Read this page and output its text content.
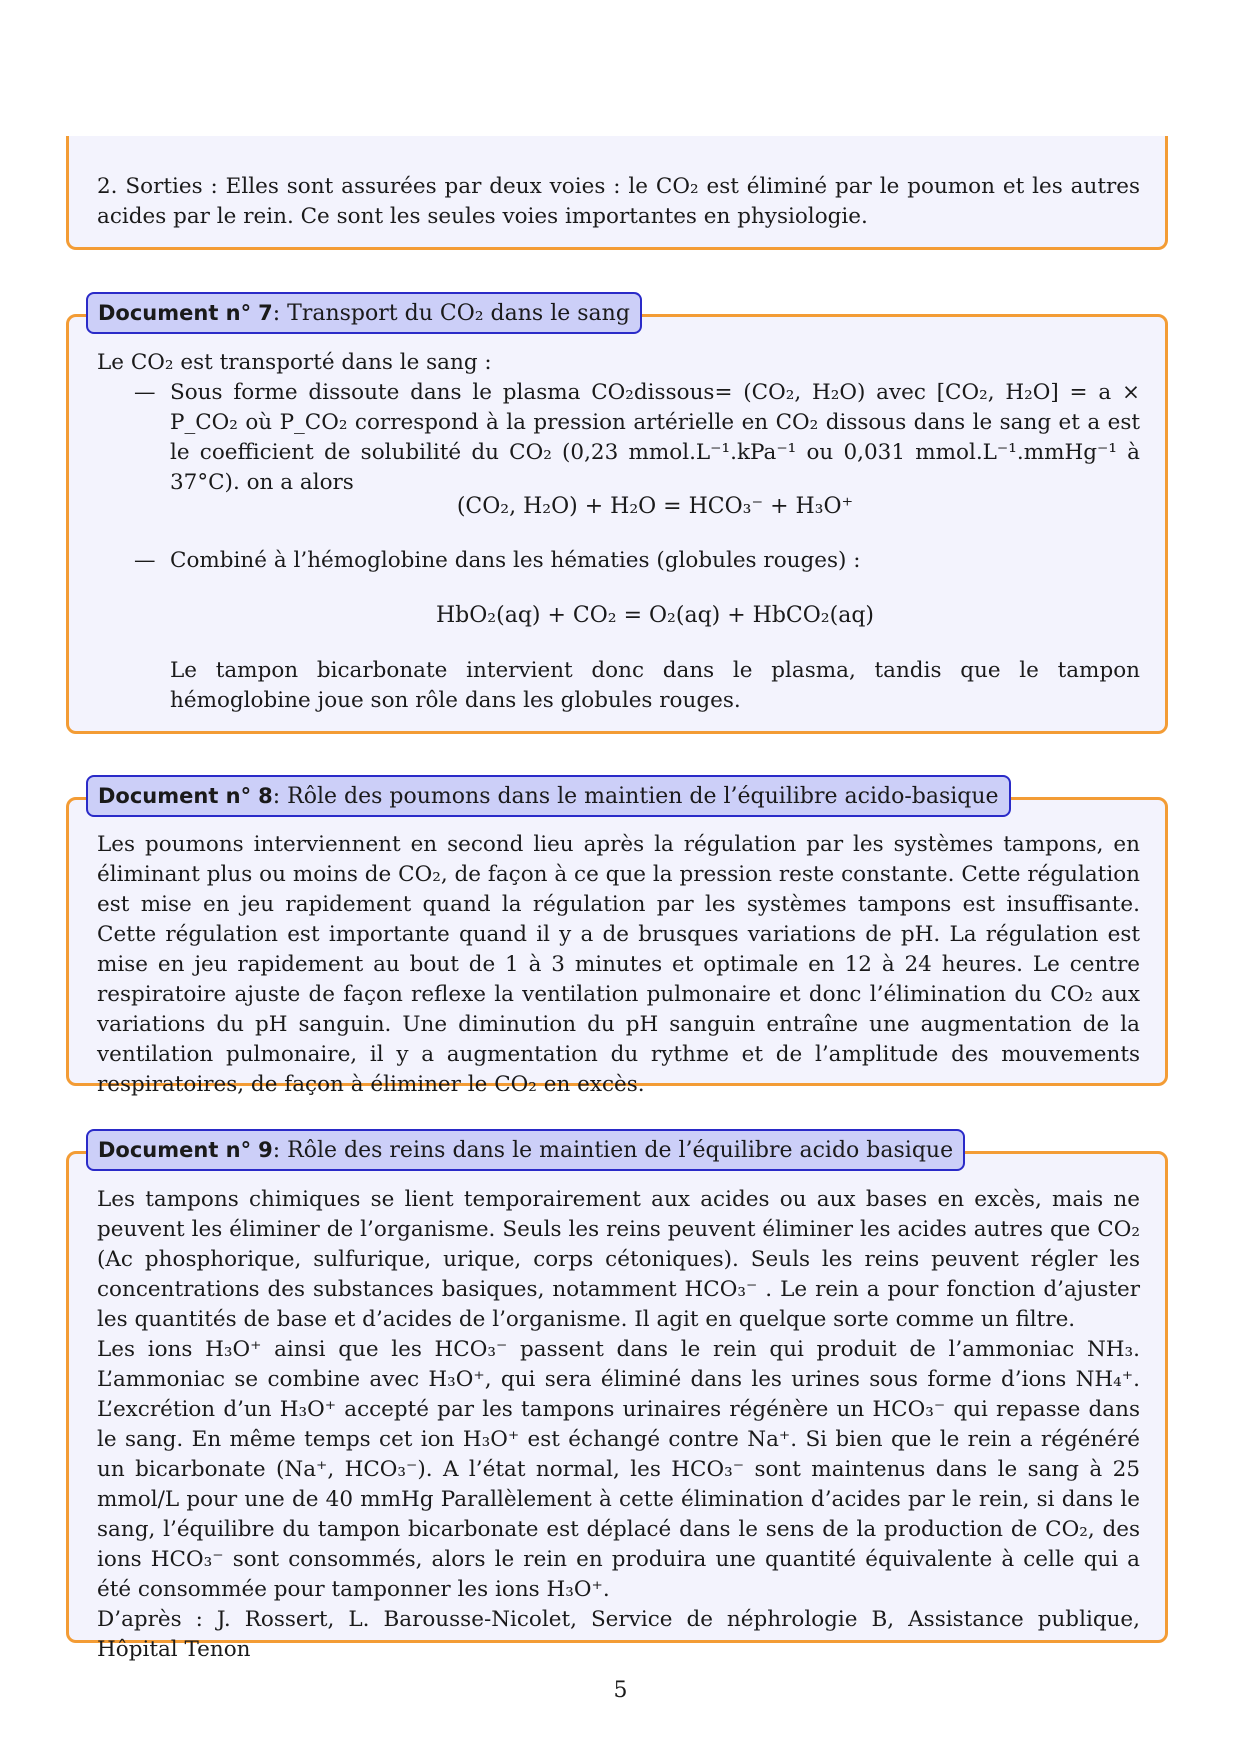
2. Sorties : Elles sont assurées par deux voies : le CO₂ est éliminé par le poumon et les autres acides par le rein. Ce sont les seules voies importantes en physiologie.
Document n°
7 : Transport du CO₂ dans le sang
Le CO₂ est transporté dans le sang :
— Sous forme dissoute dans le plasma CO₂dissous= (CO₂, H₂O) avec [CO₂, H₂O] = a × P_CO₂ où P_CO₂ correspond à la pression artérielle en CO₂ dissous dans le sang et a est le coefficient de solubilité du CO₂ (0,23 mmol.L⁻¹.kPa⁻¹ ou 0,031 mmol.L⁻¹.mmHg⁻¹ à 37°C). on a alors
(CO₂, H₂O) + H₂O = HCO₃⁻ + H₃O⁺
— Combiné à l’hémoglobine dans les hématies (globules rouges) :
HbO₂(aq) + CO₂ = O₂(aq) + HbCO₂(aq)
Le tampon bicarbonate intervient donc dans le plasma, tandis que le tampon hémoglobine joue son rôle dans les globules rouges.
Document n°
8 : Rôle des poumons dans le maintien de l’équilibre acido-basique
Les poumons interviennent en second lieu après la régulation par les systèmes tampons, en éliminant plus ou moins de CO₂, de façon à ce que la pression reste constante. Cette régulation est mise en jeu rapidement quand la régulation par les systèmes tampons est insuffisante. Cette régulation est importante quand il y a de brusques variations de pH. La régulation est mise en jeu rapidement au bout de 1 à 3 minutes et optimale en 12 à 24 heures. Le centre respiratoire ajuste de façon reflexe la ventilation pulmonaire et donc l’élimination du CO₂ aux variations du pH sanguin. Une diminution du pH sanguin entraîne une augmentation de la ventilation pulmonaire, il y a augmentation du rythme et de l’amplitude des mouvements respiratoires, de façon à éliminer le CO₂ en excès.
Document n°
9 : Rôle des reins dans le maintien de l’équilibre acido basique

Les tampons chimiques se lient temporairement aux acides ou aux bases en excès, mais ne peuvent les éliminer de l’organisme. Seuls les reins peuvent éliminer les acides autres que CO₂ (Ac phosphorique, sulfurique, urique, corps cétoniques). Seuls les reins peuvent régler les concentrations des substances basiques, notamment HCO₃⁻ . Le rein a pour fonction d’ajuster les quantités de base et d’acides de l’organisme. Il agit en quelque sorte comme un filtre.

Les ions H₃O⁺ ainsi que les HCO₃⁻ passent dans le rein qui produit de l’ammoniac NH₃. L’ammoniac se combine avec H₃O⁺, qui sera éliminé dans les urines sous forme d’ions NH₄⁺. L’excrétion d’un H₃O⁺ accepté par les tampons urinaires régénère un HCO₃⁻ qui repasse dans le sang. En même temps cet ion H₃O⁺ est échangé contre Na⁺. Si bien que le rein a régénéré un bicarbonate (Na⁺, HCO₃⁻). A l’état normal, les HCO₃⁻ sont maintenus dans le sang à 25 mmol/L pour une de 40 mmHg Parallèlement à cette élimination d’acides par le rein, si dans le sang, l’équilibre du tampon bicarbonate est déplacé dans le sens de la production de CO₂, des ions HCO₃⁻ sont consommés, alors le rein en produira une quantité équivalente à celle qui a été consommée pour tamponner les ions H₃O⁺.

D’après : J. Rossert, L. Barousse-Nicolet, Service de néphrologie B, Assistance publique, Hôpital Tenon

5
